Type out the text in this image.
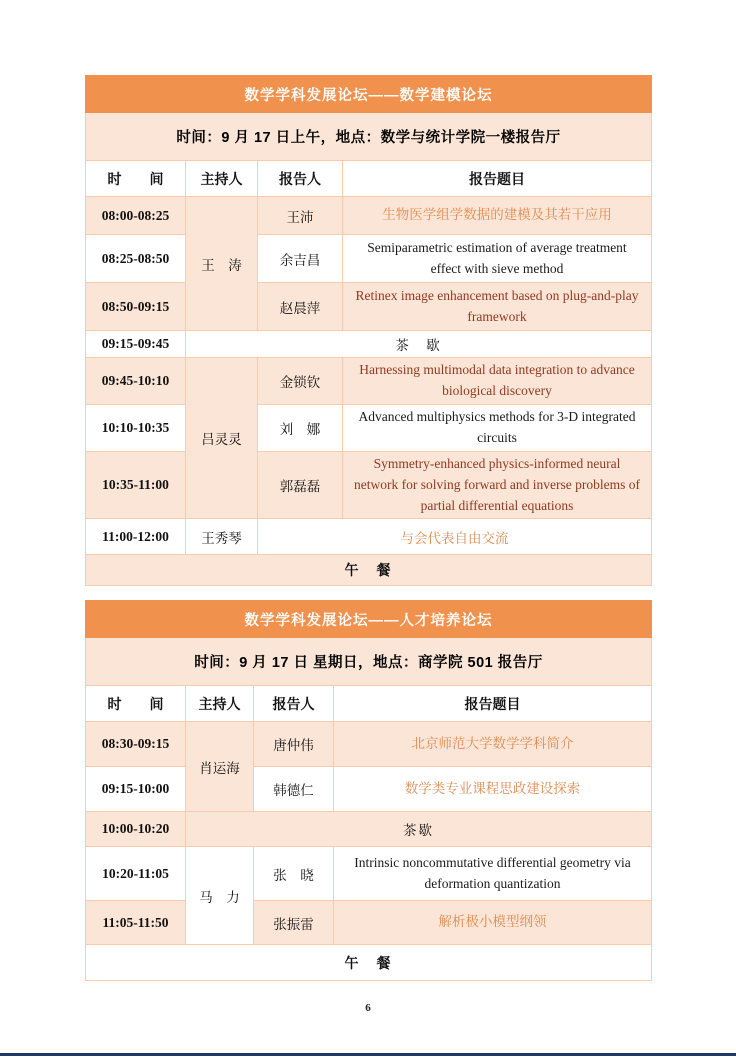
数学学科发展论坛——数学建模论坛			
时间：9 月 17 日上午，地点：数学与统计学院一楼报告厅			
时　　间	主持人	报告人	报告题目
08:00-08:25	王　涛	王沛	生物医学组学数据的建模及其若干应用
08:25-08:50		余吉昌	Semiparametric estimation of average treatment effect with sieve method
08:50-09:15		赵晨萍	Retinex image enhancement based on plug-and-play framework
09:15-09:45	茶　歇		
09:45-10:10	吕灵灵	金锁钦	Harnessing multimodal data integration to advance biological discovery
10:10-10:35		刘　娜	Advanced multiphysics methods for 3-D integrated circuits
10:35-11:00		郭磊磊	Symmetry-enhanced physics-informed neural network for solving forward and inverse problems of partial differential equations
11:00-12:00	王秀琴	与会代表自由交流	
午　餐			
数学学科发展论坛——人才培养论坛			
时间：9 月 17 日 星期日，地点：商学院 501 报告厅			
时　　间	主持人	报告人	报告题目
08:30-09:15	肖运海	唐仲伟	北京师范大学数学学科简介
09:15-10:00		韩德仁	数学类专业课程思政建设探索
10:00-10:20	茶歇		
10:20-11:05	马　力	张　晓	Intrinsic noncommutative differential geometry via deformation quantization
11:05-11:50		张振雷	解析极小模型纲领
午　餐			
6
